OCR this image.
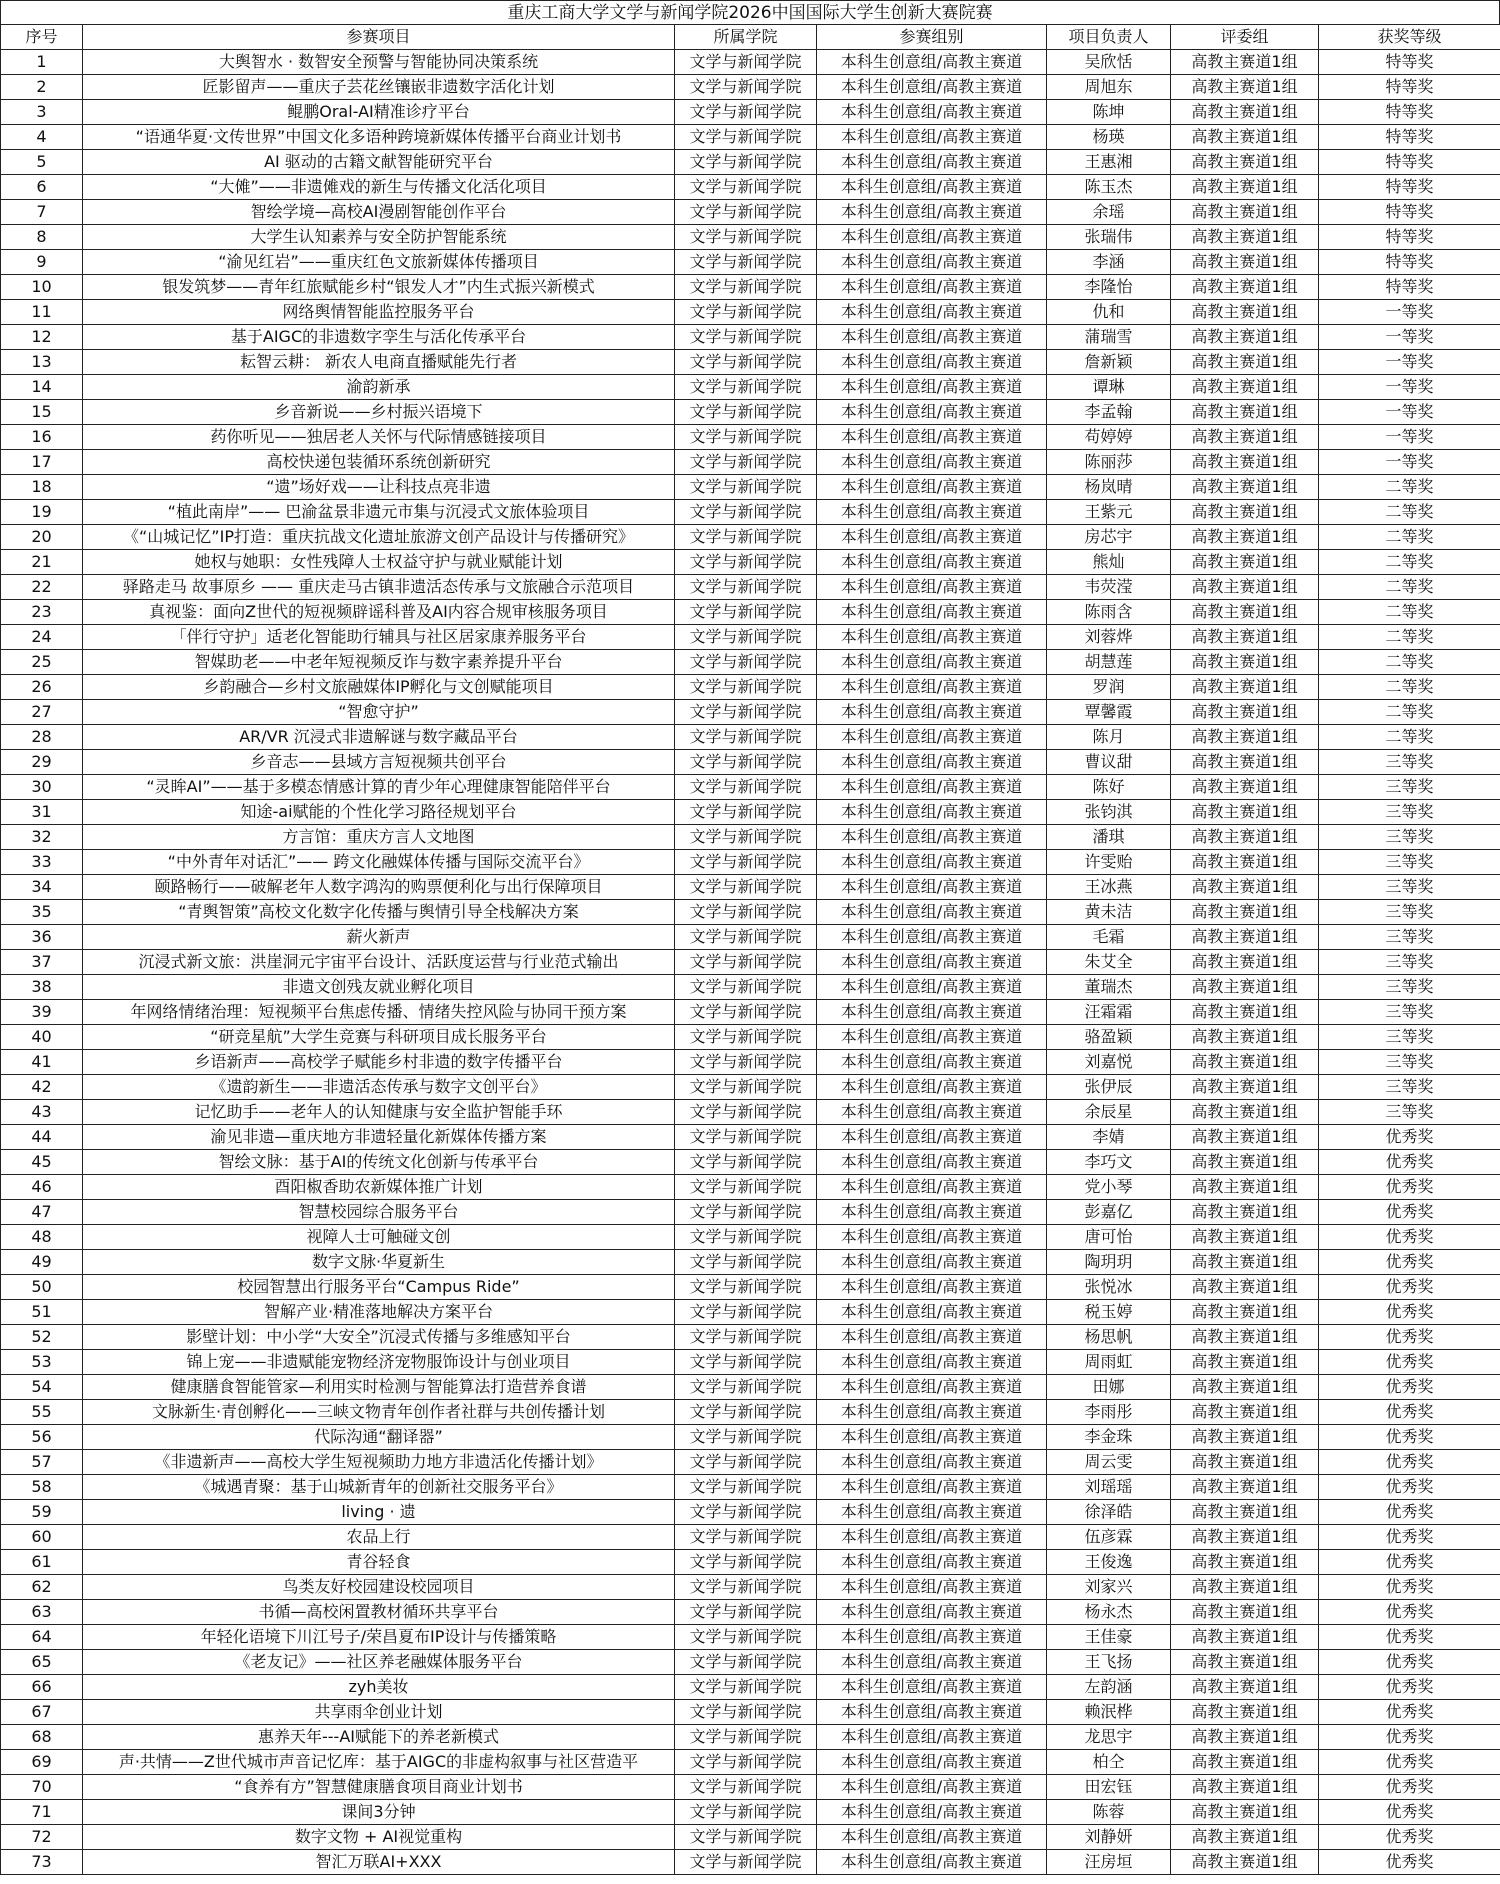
重庆工商大学文学与新闻学院2026中国国际大学生创新大赛院赛
序号	参赛项目	所属学院	参赛组别	项目负责人	评委组	获奖等级
1	大舆智水 · 数智安全预警与智能协同决策系统	文学与新闻学院	本科生创意组/高教主赛道	吴欣恬	高教主赛道1组	特等奖
2	匠影留声——重庆子芸花丝镶嵌非遗数字活化计划	文学与新闻学院	本科生创意组/高教主赛道	周旭东	高教主赛道1组	特等奖
3	鲲鹏Oral-AI精准诊疗平台	文学与新闻学院	本科生创意组/高教主赛道	陈坤	高教主赛道1组	特等奖
4	“语通华夏·文传世界”中国文化多语种跨境新媒体传播平台商业计划书	文学与新闻学院	本科生创意组/高教主赛道	杨瑛	高教主赛道1组	特等奖
5	AI 驱动的古籍文献智能研究平台	文学与新闻学院	本科生创意组/高教主赛道	王惠湘	高教主赛道1组	特等奖
6	“大傩”——非遗傩戏的新生与传播文化活化项目	文学与新闻学院	本科生创意组/高教主赛道	陈玉杰	高教主赛道1组	特等奖
7	智绘学境—高校AI漫剧智能创作平台	文学与新闻学院	本科生创意组/高教主赛道	余瑶	高教主赛道1组	特等奖
8	大学生认知素养与安全防护智能系统	文学与新闻学院	本科生创意组/高教主赛道	张瑞伟	高教主赛道1组	特等奖
9	“渝见红岩”——重庆红色文旅新媒体传播项目	文学与新闻学院	本科生创意组/高教主赛道	李涵	高教主赛道1组	特等奖
10	银发筑梦——青年红旅赋能乡村“银发人才”内生式振兴新模式	文学与新闻学院	本科生创意组/高教主赛道	李隆怡	高教主赛道1组	特等奖
11	网络舆情智能监控服务平台	文学与新闻学院	本科生创意组/高教主赛道	仇和	高教主赛道1组	一等奖
12	基于AIGC的非遗数字孪生与活化传承平台	文学与新闻学院	本科生创意组/高教主赛道	蒲瑞雪	高教主赛道1组	一等奖
13	耘智云耕： 新农人电商直播赋能先行者	文学与新闻学院	本科生创意组/高教主赛道	詹新颖	高教主赛道1组	一等奖
14	渝韵新承	文学与新闻学院	本科生创意组/高教主赛道	谭琳	高教主赛道1组	一等奖
15	乡音新说——乡村振兴语境下	文学与新闻学院	本科生创意组/高教主赛道	李孟翰	高教主赛道1组	一等奖
16	药你听见——独居老人关怀与代际情感链接项目	文学与新闻学院	本科生创意组/高教主赛道	苟婷婷	高教主赛道1组	一等奖
17	高校快递包装循环系统创新研究	文学与新闻学院	本科生创意组/高教主赛道	陈丽莎	高教主赛道1组	一等奖
18	“遗”场好戏——让科技点亮非遗	文学与新闻学院	本科生创意组/高教主赛道	杨岚晴	高教主赛道1组	二等奖
19	“植此南岸”—— 巴渝盆景非遗元市集与沉浸式文旅体验项目	文学与新闻学院	本科生创意组/高教主赛道	王紫元	高教主赛道1组	二等奖
20	《“山城记忆”IP打造：重庆抗战文化遗址旅游文创产品设计与传播研究》	文学与新闻学院	本科生创意组/高教主赛道	房芯宇	高教主赛道1组	二等奖
21	她权与她职：女性残障人士权益守护与就业赋能计划	文学与新闻学院	本科生创意组/高教主赛道	熊灿	高教主赛道1组	二等奖
22	驿路走马 故事原乡 —— 重庆走马古镇非遗活态传承与文旅融合示范项目	文学与新闻学院	本科生创意组/高教主赛道	韦荧滢	高教主赛道1组	二等奖
23	真视鉴：面向Z世代的短视频辟谣科普及AI内容合规审核服务项目	文学与新闻学院	本科生创意组/高教主赛道	陈雨含	高教主赛道1组	二等奖
24	「伴行守护」适老化智能助行辅具与社区居家康养服务平台	文学与新闻学院	本科生创意组/高教主赛道	刘蓉烨	高教主赛道1组	二等奖
25	智媒助老——中老年短视频反诈与数字素养提升平台	文学与新闻学院	本科生创意组/高教主赛道	胡慧莲	高教主赛道1组	二等奖
26	乡韵融合—乡村文旅融媒体IP孵化与文创赋能项目	文学与新闻学院	本科生创意组/高教主赛道	罗润	高教主赛道1组	二等奖
27	“智愈守护”	文学与新闻学院	本科生创意组/高教主赛道	覃馨霞	高教主赛道1组	二等奖
28	AR/VR 沉浸式非遗解谜与数字藏品平台	文学与新闻学院	本科生创意组/高教主赛道	陈月	高教主赛道1组	二等奖
29	乡音志——县域方言短视频共创平台	文学与新闻学院	本科生创意组/高教主赛道	曹议甜	高教主赛道1组	三等奖
30	“灵眸AI”——基于多模态情感计算的青少年心理健康智能陪伴平台	文学与新闻学院	本科生创意组/高教主赛道	陈好	高教主赛道1组	三等奖
31	知途-ai赋能的个性化学习路径规划平台	文学与新闻学院	本科生创意组/高教主赛道	张钧淇	高教主赛道1组	三等奖
32	方言馆：重庆方言人文地图	文学与新闻学院	本科生创意组/高教主赛道	潘琪	高教主赛道1组	三等奖
33	“中外青年对话汇”—— 跨文化融媒体传播与国际交流平台》	文学与新闻学院	本科生创意组/高教主赛道	许雯贻	高教主赛道1组	三等奖
34	颐路畅行——破解老年人数字鸿沟的购票便利化与出行保障项目	文学与新闻学院	本科生创意组/高教主赛道	王冰燕	高教主赛道1组	三等奖
35	“青舆智策”高校文化数字化传播与舆情引导全栈解决方案	文学与新闻学院	本科生创意组/高教主赛道	黄未洁	高教主赛道1组	三等奖
36	薪火新声	文学与新闻学院	本科生创意组/高教主赛道	毛霜	高教主赛道1组	三等奖
37	沉浸式新文旅：洪崖洞元宇宙平台设计、活跃度运营与行业范式输出	文学与新闻学院	本科生创意组/高教主赛道	朱艾全	高教主赛道1组	三等奖
38	非遗文创残友就业孵化项目	文学与新闻学院	本科生创意组/高教主赛道	董瑞杰	高教主赛道1组	三等奖
39	年网络情绪治理：短视频平台焦虑传播、情绪失控风险与协同干预方案	文学与新闻学院	本科生创意组/高教主赛道	汪霜霜	高教主赛道1组	三等奖
40	“研竞星航”大学生竞赛与科研项目成长服务平台	文学与新闻学院	本科生创意组/高教主赛道	骆盈颖	高教主赛道1组	三等奖
41	乡语新声——高校学子赋能乡村非遗的数字传播平台	文学与新闻学院	本科生创意组/高教主赛道	刘嘉悦	高教主赛道1组	三等奖
42	《遗韵新生——非遗活态传承与数字文创平台》	文学与新闻学院	本科生创意组/高教主赛道	张伊辰	高教主赛道1组	三等奖
43	记忆助手——老年人的认知健康与安全监护智能手环	文学与新闻学院	本科生创意组/高教主赛道	余辰星	高教主赛道1组	三等奖
44	渝见非遗—重庆地方非遗轻量化新媒体传播方案	文学与新闻学院	本科生创意组/高教主赛道	李婧	高教主赛道1组	优秀奖
45	智绘文脉：基于AI的传统文化创新与传承平台	文学与新闻学院	本科生创意组/高教主赛道	李巧文	高教主赛道1组	优秀奖
46	酉阳椒香助农新媒体推广计划	文学与新闻学院	本科生创意组/高教主赛道	党小琴	高教主赛道1组	优秀奖
47	智慧校园综合服务平台	文学与新闻学院	本科生创意组/高教主赛道	彭嘉亿	高教主赛道1组	优秀奖
48	视障人士可触碰文创	文学与新闻学院	本科生创意组/高教主赛道	唐可怡	高教主赛道1组	优秀奖
49	数字文脉·华夏新生	文学与新闻学院	本科生创意组/高教主赛道	陶玥玥	高教主赛道1组	优秀奖
50	校园智慧出行服务平台“Campus Ride”	文学与新闻学院	本科生创意组/高教主赛道	张悦冰	高教主赛道1组	优秀奖
51	智解产业·精准落地解决方案平台	文学与新闻学院	本科生创意组/高教主赛道	税玉婷	高教主赛道1组	优秀奖
52	影壁计划：中小学“大安全”沉浸式传播与多维感知平台	文学与新闻学院	本科生创意组/高教主赛道	杨思帆	高教主赛道1组	优秀奖
53	锦上宠——非遗赋能宠物经济宠物服饰设计与创业项目	文学与新闻学院	本科生创意组/高教主赛道	周雨虹	高教主赛道1组	优秀奖
54	健康膳食智能管家—利用实时检测与智能算法打造营养食谱	文学与新闻学院	本科生创意组/高教主赛道	田娜	高教主赛道1组	优秀奖
55	文脉新生·青创孵化——三峡文物青年创作者社群与共创传播计划	文学与新闻学院	本科生创意组/高教主赛道	李雨彤	高教主赛道1组	优秀奖
56	代际沟通“翻译器”	文学与新闻学院	本科生创意组/高教主赛道	李金珠	高教主赛道1组	优秀奖
57	《非遗新声——高校大学生短视频助力地方非遗活化传播计划》	文学与新闻学院	本科生创意组/高教主赛道	周云雯	高教主赛道1组	优秀奖
58	《城遇青聚：基于山城新青年的创新社交服务平台》	文学与新闻学院	本科生创意组/高教主赛道	刘瑶瑶	高教主赛道1组	优秀奖
59	living · 遗	文学与新闻学院	本科生创意组/高教主赛道	徐泽皓	高教主赛道1组	优秀奖
60	农品上行	文学与新闻学院	本科生创意组/高教主赛道	伍彦霖	高教主赛道1组	优秀奖
61	青谷轻食	文学与新闻学院	本科生创意组/高教主赛道	王俊逸	高教主赛道1组	优秀奖
62	鸟类友好校园建设校园项目	文学与新闻学院	本科生创意组/高教主赛道	刘家兴	高教主赛道1组	优秀奖
63	书循—高校闲置教材循环共享平台	文学与新闻学院	本科生创意组/高教主赛道	杨永杰	高教主赛道1组	优秀奖
64	年轻化语境下川江号子/荣昌夏布IP设计与传播策略	文学与新闻学院	本科生创意组/高教主赛道	王佳豪	高教主赛道1组	优秀奖
65	《老友记》——社区养老融媒体服务平台	文学与新闻学院	本科生创意组/高教主赛道	王飞扬	高教主赛道1组	优秀奖
66	zyh美妆	文学与新闻学院	本科生创意组/高教主赛道	左韵涵	高教主赛道1组	优秀奖
67	共享雨伞创业计划	文学与新闻学院	本科生创意组/高教主赛道	赖泯桦	高教主赛道1组	优秀奖
68	惠养天年---AI赋能下的养老新模式	文学与新闻学院	本科生创意组/高教主赛道	龙思宇	高教主赛道1组	优秀奖
69	声·共情——Z世代城市声音记忆库：基于AIGC的非虚构叙事与社区营造平	文学与新闻学院	本科生创意组/高教主赛道	柏仝	高教主赛道1组	优秀奖
70	“食养有方”智慧健康膳食项目商业计划书	文学与新闻学院	本科生创意组/高教主赛道	田宏钰	高教主赛道1组	优秀奖
71	课间3分钟	文学与新闻学院	本科生创意组/高教主赛道	陈蓉	高教主赛道1组	优秀奖
72	数字文物 + AI视觉重构	文学与新闻学院	本科生创意组/高教主赛道	刘静妍	高教主赛道1组	优秀奖
73	智汇万联AI+XXX	文学与新闻学院	本科生创意组/高教主赛道	汪房垣	高教主赛道1组	优秀奖
